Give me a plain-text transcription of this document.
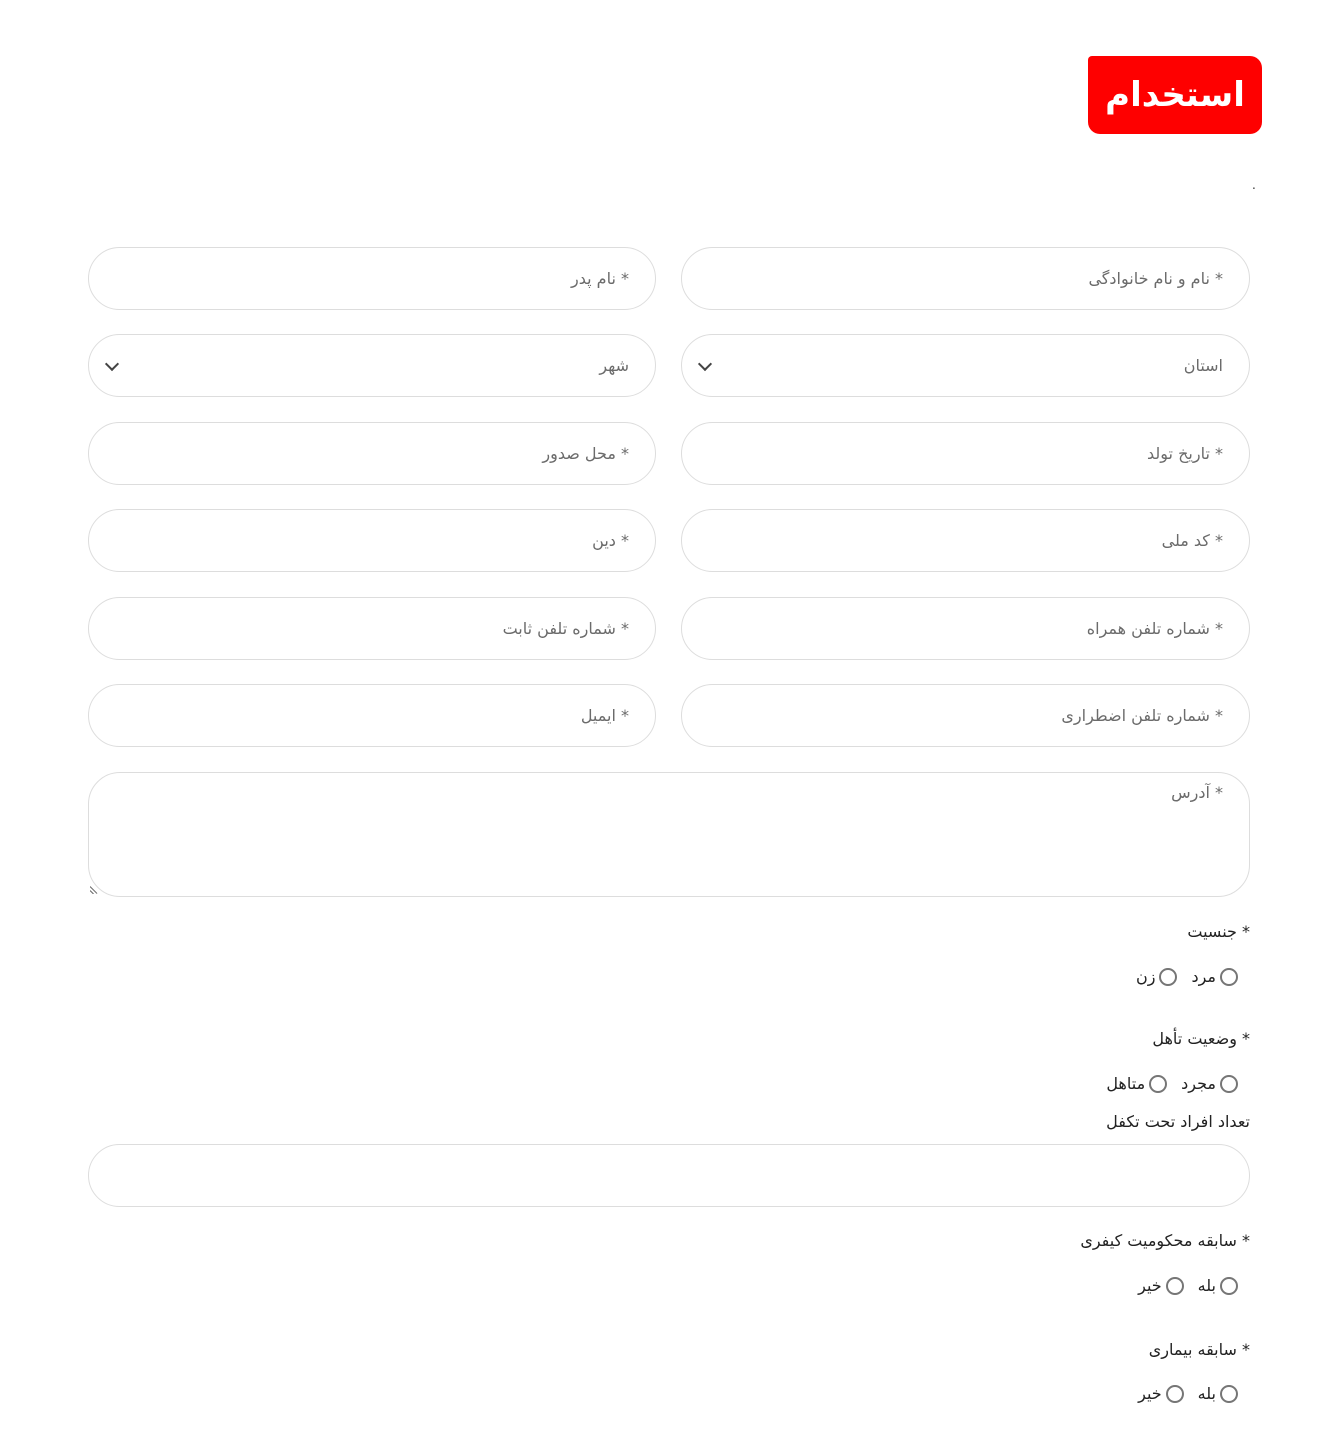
استخدام
.
* نام و نام خانوادگی
* نام پدر
استان
شهر
* تاریخ تولد
* محل صدور
* کد ملی
* دین
* شماره تلفن همراه
* شماره تلفن ثابت
* شماره تلفن اضطراری
* ایمیل
* آدرس
* جنسیت
مرد
زن
* وضعیت تأهل
مجرد
متاهل
تعداد افراد تحت تکفل
* سابقه محکومیت کیفری
بله
خیر
* سابقه بیماری
بله
خیر
